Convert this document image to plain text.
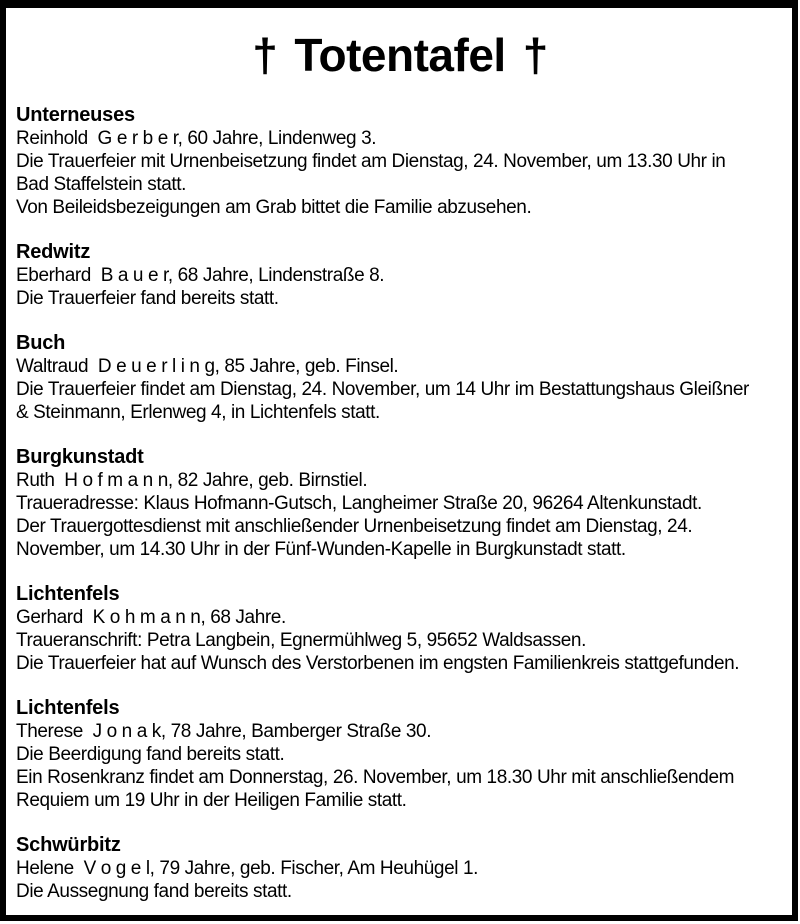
† Totentafel †
Unterneuses
Reinhold  G e r b e r, 60 Jahre, Lindenweg 3.
Die Trauerfeier mit Urnenbeisetzung findet am Dienstag, 24. November, um 13.30 Uhr in
Bad Staffelstein statt.
Von Beileidsbezeigungen am Grab bittet die Familie abzusehen.
Redwitz
Eberhard  B a u e r, 68 Jahre, Lindenstraße 8.
Die Trauerfeier fand bereits statt.
Buch
Waltraud  D e u e r l i n g, 85 Jahre, geb. Finsel.
Die Trauerfeier findet am Dienstag, 24. November, um 14 Uhr im Bestattungshaus Gleißner
& Steinmann, Erlenweg 4, in Lichtenfels statt.
Burgkunstadt
Ruth  H o f m a n n, 82 Jahre, geb. Birnstiel.
Traueradresse: Klaus Hofmann-Gutsch, Langheimer Straße 20, 96264 Altenkunstadt.
Der Trauergottesdienst mit anschließender Urnenbeisetzung findet am Dienstag, 24.
November, um 14.30 Uhr in der Fünf-Wunden-Kapelle in Burgkunstadt statt.
Lichtenfels
Gerhard  K o h m a n n, 68 Jahre.
Traueranschrift: Petra Langbein, Egnermühlweg 5, 95652 Waldsassen.
Die Trauerfeier hat auf Wunsch des Verstorbenen im engsten Familienkreis stattgefunden.
Lichtenfels
Therese  J o n a k, 78 Jahre, Bamberger Straße 30.
Die Beerdigung fand bereits statt.
Ein Rosenkranz findet am Donnerstag, 26. November, um 18.30 Uhr mit anschließendem
Requiem um 19 Uhr in der Heiligen Familie statt.
Schwürbitz
Helene  V o g e l, 79 Jahre, geb. Fischer, Am Heuhügel 1.
Die Aussegnung fand bereits statt.
